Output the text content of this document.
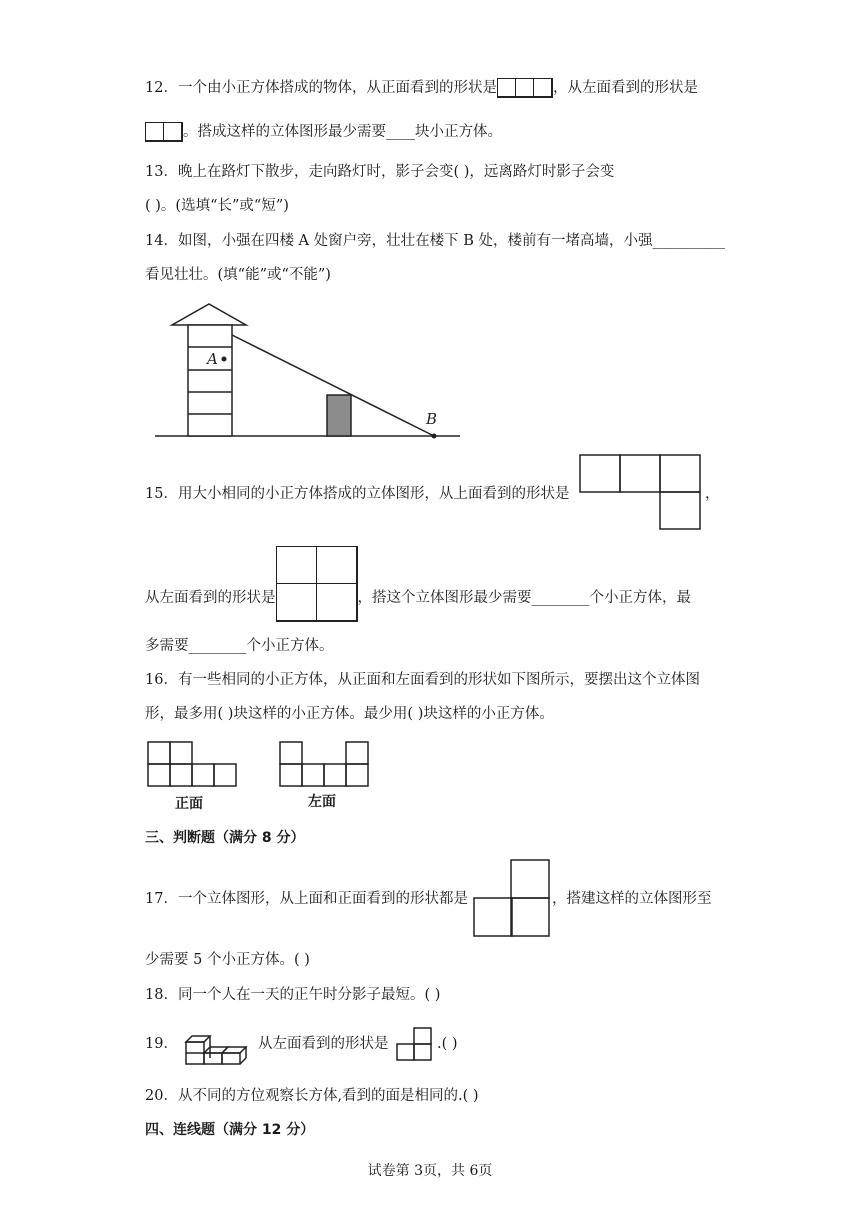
12．一个由小正方体搭成的物体，从正面看到的形状是	，从左面看到的形状是
。搭成这样的立体图形最少需要____块小正方体。
13．晚上在路灯下散步，走向路灯时，影子会变( )，远离路灯时影子会变
( )。(选填“长”或“短”)
14．如图，小强在四楼 A 处窗户旁，壮壮在楼下 B 处，楼前有一堵高墙，小强__________
看见壮壮。(填“能”或“不能”)
A
B
15．用大小相同的小正方体搭成的立体图形，从上面看到的形状是	，
从左面看到的形状是	，搭这个立体图形最少需要________个小正方体，最
多需要________个小正方体。
16．有一些相同的小正方体，从正面和左面看到的形状如下图所示，要摆出这个立体图
形，最多用( )块这样的小正方体。最少用( )块这样的小正方体。
正面	左面
三、判断题（满分 8 分）
17．一个立体图形，从上面和正面看到的形状都是	，搭建这样的立体图形至
少需要 5 个小正方体。( )
18．同一个人在一天的正午时分影子最短。( )
19．	从左面看到的形状是	.( )
20．从不同的方位观察长方体,看到的面是相同的.( )
四、连线题（满分 12 分）
试卷第 3页，共 6页
